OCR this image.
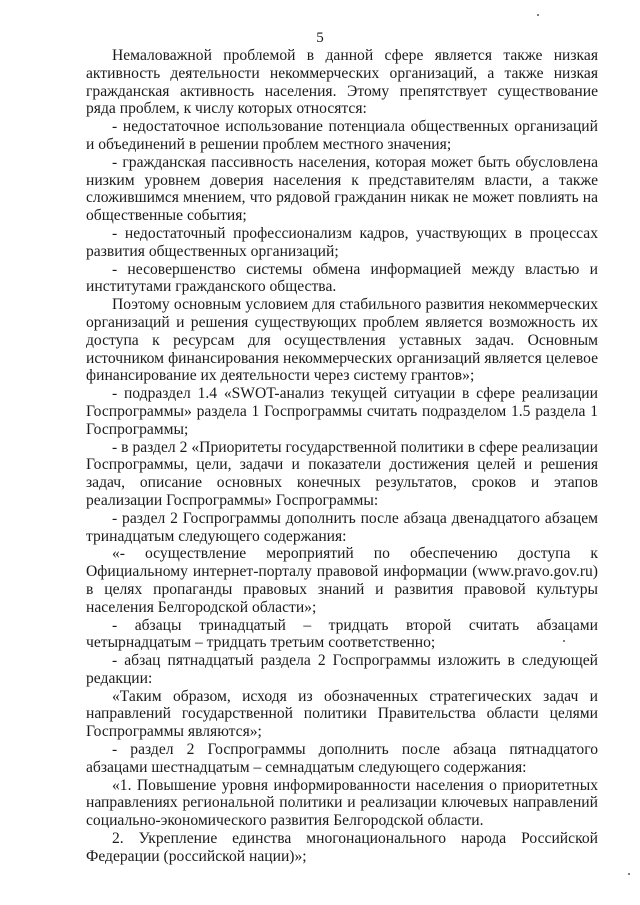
5

Немаловажной проблемой в данной сфере является также низкая активность деятельности некоммерческих организаций, а также низкая гражданская активность населения. Этому препятствует существование ряда проблем, к числу которых относятся:

- недостаточное использование потенциала общественных организаций и объединений в решении проблем местного значения;

- гражданская пассивность населения, которая может быть обусловлена низким уровнем доверия населения к представителям власти, а также сложившимся мнением, что рядовой гражданин никак не может повлиять на общественные события;

- недостаточный профессионализм кадров, участвующих в процессах развития общественных организаций;

- несовершенство системы обмена информацией между властью и институтами гражданского общества.

Поэтому основным условием для стабильного развития некоммерческих организаций и решения существующих проблем является возможность их доступа к ресурсам для осуществления уставных задач. Основным источником финансирования некоммерческих организаций является целевое финансирование их деятельности через систему грантов»;

- подраздел 1.4 «SWOT-анализ текущей ситуации в сфере реализации Госпрограммы» раздела 1 Госпрограммы считать подразделом 1.5 раздела 1 Госпрограммы;

- в раздел 2 «Приоритеты государственной политики в сфере реализации Госпрограммы, цели, задачи и показатели достижения целей и решения задач, описание основных конечных результатов, сроков и этапов реализации Госпрограммы» Госпрограммы:

- раздел 2 Госпрограммы дополнить после абзаца двенадцатого абзацем тринадцатым следующего содержания:

«- осуществление мероприятий по обеспечению доступа к Официальному интернет-порталу правовой информации (www.pravo.gov.ru) в целях пропаганды правовых знаний и развития правовой культуры населения Белгородской области»;

- абзацы тринадцатый – тридцать второй считать абзацами четырнадцатым – тридцать третьим соответственно;

- абзац пятнадцатый раздела 2 Госпрограммы изложить в следующей редакции:

«Таким образом, исходя из обозначенных стратегических задач и направлений государственной политики Правительства области целями Госпрограммы являются»;

- раздел 2 Госпрограммы дополнить после абзаца пятнадцатого абзацами шестнадцатым – семнадцатым следующего содержания:

«1. Повышение уровня информированности населения о приоритетных направлениях региональной политики и реализации ключевых направлений социально-экономического развития Белгородской области.

2. Укрепление единства многонационального народа Российской Федерации (российской нации)»;
